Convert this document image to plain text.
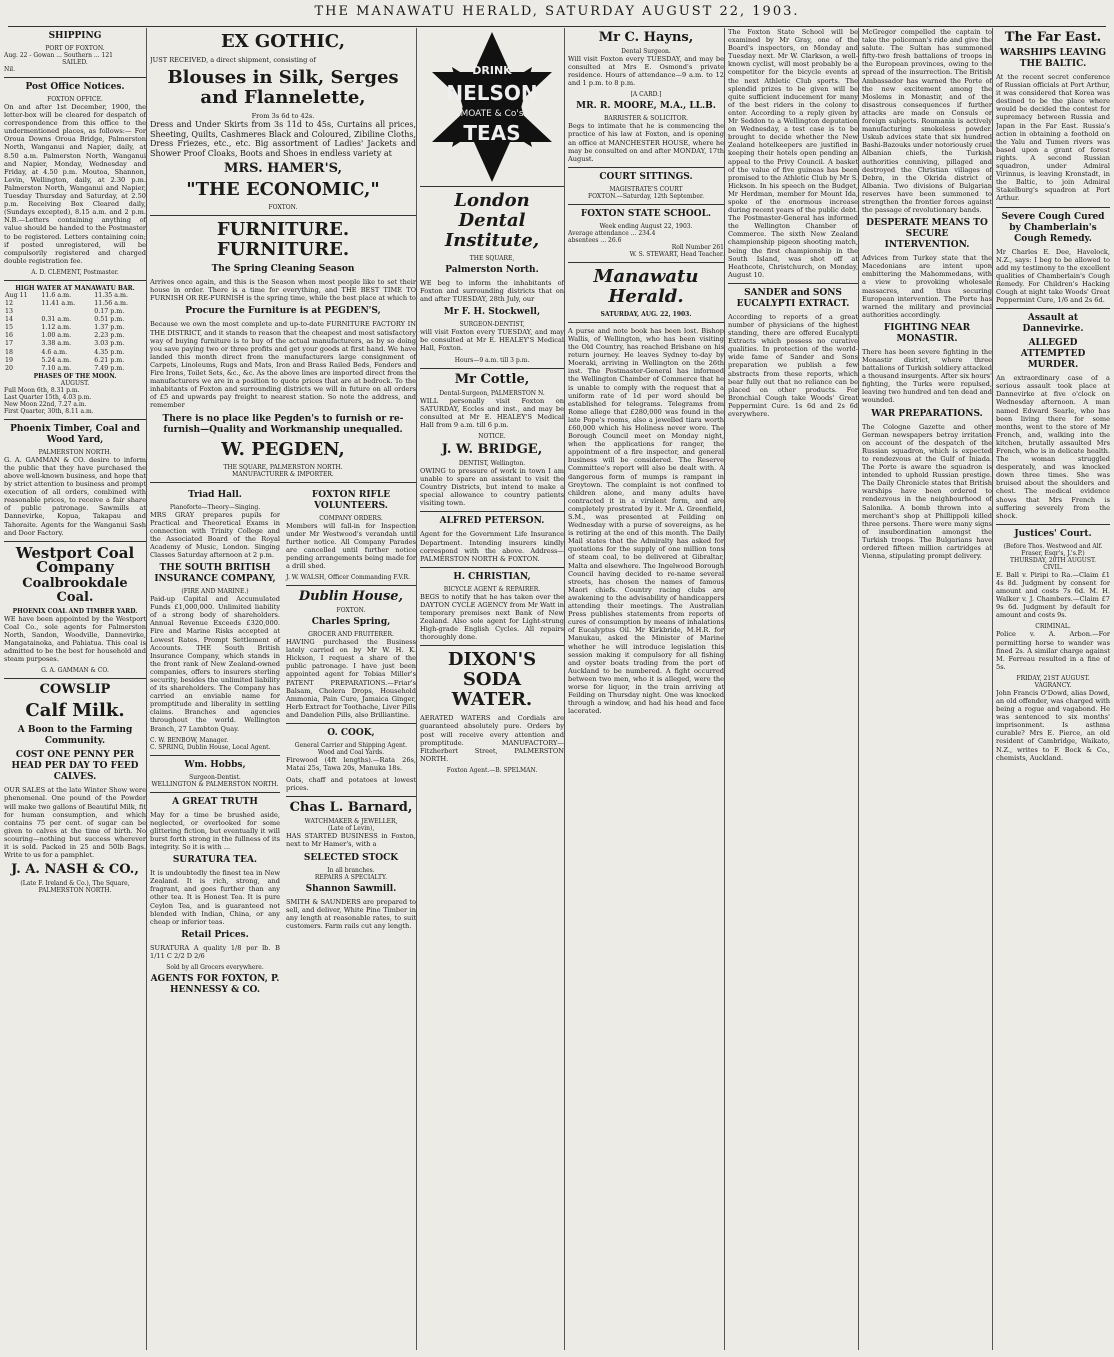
THE MANAWATU HERALD, SATURDAY AUGUST 22, 1903.
SHIPPING
PORT OF FOXTON.
Aug. 22 - Gowan ... Southern ... 121
SAILED.
Nil.
Post Office Notices.
FOXTON OFFICE.

On and after 1st December, 1900, the letter-box will be cleared for despatch of correspondence from this office to the undermentioned places, as follows:— For Oroua Downs Oroua Bridge, Palmerston North, Wanganui and Napier, daily, at 8.50 a.m. Palmerston North, Wanganui and Napier, Monday, Wednesday and Friday, at 4.50 p.m. Moutoa, Shannon, Levin, Wellington, daily, at 2.30 p.m. Palmerston North, Wanganui and Napier, Tuesday Thursday and Saturday, at 2.50 p.m. Receiving Box Cleared daily, (Sundays excepted), 8.15 a.m. and 2 p.m. N.B.—Letters containing anything of value should be handed to the Postmaster to be registered. Letters containing coin; if posted unregistered, will be compulsorily registered and charged double registration fee.

A. D. CLEMENT, Postmaster.
HIGH WATER AT MANAWATU BAR.
Aug 11	11.6 a.m.	11.35 a.m.
12	11.41 a.m.	11.56 a.m.
13		0.17 p.m.
14	0.31 a.m.	0.51 p.m.
15	1.12 a.m.	1.37 p.m.
16	1.00 a.m.	2.23 p.m.
17	3.38 a.m.	3.03 p.m.
18	4.6 a.m.	4.35 p.m.
19	5.24 a.m.	6.21 p.m.
20	7.10 a.m.	7.49 p.m.
PHASES OF THE MOON.
AUGUST.
Full Moon 6th, 8.31 p.m.
Last Quarter 15th, 4.03 p.m.
New Moon 22nd, 7.27 a.m.
First Quarter, 30th, 8.11 a.m.
Phoenix Timber, Coal and Wood Yard,
PALMERSTON NORTH.

G. A. GAMMAN & CO. desire to inform the public that they have purchased the above well-known business, and hope that by strict attention to business and prompt execution of all orders, combined with reasonable prices, to receive a fair share of public patronage. Sawmills at Dannevirke, Kopua, Takapau and Tahoraite. Agents for the Wanganui Sash and Door Factory.

Westport Coal Company
Coalbrookdale Coal.
PHOENIX COAL AND TIMBER YARD.

WE have been appointed by the Westport Coal Co., sole agents for Palmerston North, Sandon, Woodville, Dannevirke, Mangatainoka, and Pahiatua. This coal is admitted to be the best for household and steam purposes.

G. A. GAMMAN & CO.
COWSLIP
Calf Milk.
A Boon to the Farming Community.
COST ONE PENNY PER HEAD PER DAY TO FEED CALVES.

OUR SALES at the late Winter Show were phenomenal. One pound of the Powder will make two gallons of Beautiful Milk, fit for human consumption, and which contains 75 per cent. of sugar can be given to calves at the time of birth. No scouring—nothing but success wherever it is sold. Packed in 25 and 50lb Bags. Write to us for a pamphlet.

J. A. NASH & CO.,
(Late F. Ireland & Co.), The Square, PALMERSTON NORTH.
EX GOTHIC,

JUST RECEIVED, a direct shipment, consisting of

Blouses in Silk, Serges and Flannelette,
From 3s 6d to 42s.

Dress and Under Skirts from 3s 11d to 45s, Curtains all prices, Sheeting, Quilts, Cashmeres Black and Coloured, Zibiline Cloths, Dress Friezes, etc., etc. Big assortment of Ladies' Jackets and Shower Proof Cloaks, Boots and Shoes in endless variety at

MRS. HAMER'S,
"THE ECONOMIC,"
FOXTON.
FURNITURE. FURNITURE.
The Spring Cleaning Season

Arrives once again, and this is the Season when most people like to set their house in order. There is a time for everything, and THE BEST TIME TO FURNISH OR RE-FURNISH is the spring time, while the best place at which to

Procure the Furniture is at PEGDEN'S,

Because we own the most complete and up-to-date FURNITURE FACTORY IN THE DISTRICT, and it stands to reason that the cheapest and most satisfactory way of buying furniture is to buy of the actual manufacturers, as by so doing you save paying two or three profits and get your goods at first hand. We have landed this month direct from the manufacturers large consignment of Carpets, Linoleums, Rugs and Mats, Iron and Brass Railed Beds, Fenders and Fire Irons, Toilet Sets, &c., &c. As the above lines are imported direct from the manufacturers we are in a position to quote prices that are at bedrock. To the inhabitants of Foxton and surrounding districts we will in future on all orders of £5 and upwards pay freight to nearest station. So note the address, and remember

There is no place like Pegden's to furnish or re-furnish—Quality and Workmanship unequalled.
W. PEGDEN,
THE SQUARE, PALMERSTON NORTH.
MANUFACTURER & IMPORTER.
Triad Hall.
Pianoforte—Theory—Singing.

MRS GRAY prepares pupils for Practical and Theoretical Exams in connection with Trinity College and the Associated Board of the Royal Academy of Music, London. Singing Classes Saturday afternoon at 2 p.m.

THE SOUTH BRITISH INSURANCE COMPANY,
(FIRE AND MARINE.)

Paid-up Capital and Accumulated Funds £1,000,000. Unlimited liability of a strong body of shareholders. Annual Revenue Exceeds £320,000. Fire and Marine Risks accepted at Lowest Rates. Prompt Settlement of Accounts. THE South British Insurance Company, which stands in the front rank of New Zealand-owned companies, offers to insurers sterling security, besides the unlimited liability of its shareholders. The Company has carried an enviable name for promptitude and liberality in settling claims. Branches and agencies throughout the world. Wellington Branch, 27 Lambton Quay.

C. W. BENBOW, Manager.
C. SPRING, Dublin House, Local Agent.
Wm. Hobbs,
Surgeon-Dentist.
WELLINGTON & PALMERSTON NORTH.
A GREAT TRUTH

May for a time be brushed aside, neglected, or overlooked for some glittering fiction, but eventually it will burst forth strong in the fullness of its integrity. So it is with ...

SURATURA TEA.

It is undoubtedly the finest tea in New Zealand. It is rich, strong, and fragrant, and goes further than any other tea. It is Honest Tea. It is pure Ceylon Tea, and is guaranteed not blended with Indian, China, or any cheap or inferior teas.

Retail Prices.

SURATURA A quality 1/8 per lb. B 1/11 C 2/2 D 2/6

Sold by all Grocers everywhere.
AGENTS FOR FOXTON, P. HENNESSY & CO.
FOXTON RIFLE VOLUNTEERS.
COMPANY ORDERS.

Members will fall-in for Inspection under Mr Westwood's verandah until further notice. All Company Parades are cancelled until further notice pending arrangements being made for a drill shed.

J. W. WALSH, Officer Commanding F.V.R.
Dublin House,
FOXTON.
Charles Spring,
GROCER AND FRUITERER.

HAVING purchased the Business lately carried on by Mr W. H. K. Hickson, I request a share of the public patronage. I have just been appointed agent for Tobias Miller's PATENT PREPARATIONS.—Friar's Balsam, Cholera Drops, Household Ammonia, Pain Cure, Jamaica Ginger, Herb Extract for Toothache, Liver Pills and Dandelion Pills, also Brilliantine.

O. COOK,
General Carrier and Shipping Agent.
Wood and Coal Yards.

Firewood (4ft lengths).—Rata 26s, Matai 25s, Tawa 20s, Manuka 18s.

Oats, chaff and potatoes at lowest prices.

Chas L. Barnard,
WATCHMAKER & JEWELLER,
(Late of Levin),

HAS STARTED BUSINESS in Foxton, next to Mr Hamer's, with a

SELECTED STOCK
In all branches.
REPAIRS A SPECIALTY.
Shannon Sawmill.

SMITH & SAUNDERS are prepared to sell, and deliver, White Pine Timber in any length at reasonable rates, to suit customers. Farm rails cut any length.

DRINK
NELSON
MOATE & Co's
TEAS
London Dental Institute,
THE SQUARE,
Palmerston North.

WE beg to inform the inhabitants of Foxton and surrounding districts that on and after TUESDAY, 28th July, our

Mr F. H. Stockwell,
SURGEON-DENTIST,

will visit Foxton every TUESDAY, and may be consulted at Mr E. HEALEY'S Medical Hall, Foxton.

Hours—9 a.m. till 3 p.m.
Mr Cottle,
Dental-Surgeon, PALMERSTON N.

WILL personally visit Foxton on SATURDAY, Eccles and inst., and may be consulted at Mr E. HEALEY'S Medical Hall from 9 a.m. till 6 p.m.

NOTICE.
J. W. BRIDGE,
DENTIST, Wellington.

OWING to pressure of work in town I am unable to spare an assistant to visit the Country Districts, but intend to make a special allowance to country patients visiting town.

ALFRED PETERSON.

Agent for the Government Life Insurance Department. Intending insurers kindly correspond with the above. Address— PALMERSTON NORTH & FOXTON.

H. CHRISTIAN,
BICYCLE AGENT & REPAIRER.

BEGS to notify that he has taken over the DAYTON CYCLE AGENCY from Mr Watt in temporary premises next Bank of New Zealand. Also sole agent for Light-strung High-grade English Cycles. All repairs thoroughly done.

DIXON'S SODA WATER.

AERATED WATERS and Cordials are guaranteed absolutely pure. Orders by post will receive every attention and promptitude. MANUFACTORY—Fitzherbert Street, PALMERSTON NORTH.

Foxton Agent.—B. SPELMAN.
Mr C. Hayns,
Dental Surgeon.

Will visit Foxton every TUESDAY, and may be consulted at Mrs E. Osmond's private residence. Hours of attendance—9 a.m. to 12 and 1 p.m. to 8 p.m.

[A CARD.]
MR. R. MOORE, M.A., LL.B.
BARRISTER & SOLICITOR.

Begs to intimate that he is commencing the practice of his law at Foxton, and is opening an office at MANCHESTER HOUSE, where he may be consulted on and after MONDAY, 17th August.

COURT SITTINGS.
MAGISTRATE'S COURT
FOXTON.—Saturday, 12th September.
FOXTON STATE SCHOOL.
Week ending August 22, 1903.
Average attendance ... 234.4
absentees ... 26.6
Roll Number 261
W. S. STEWART, Head Teacher.
Manawatu Herald.
SATURDAY, AUG. 22, 1903.

A purse and note book has been lost. Bishop Wallis, of Wellington, who has been visiting the Old Country, has reached Brisbane on his return journey. He leaves Sydney to-day by Moeraki, arriving in Wellington on the 26th inst. The Postmaster-General has informed the Wellington Chamber of Commerce that he is unable to comply with the request that a uniform rate of 1d per word should be established for telegrams. Telegrams from Rome allege that £280,000 was found in the late Pope's rooms, also a jewelled tiara worth £60,000 which his Holiness never wore. The Borough Council meet on Monday night, when the applications for ranger, the appointment of a fire inspector, and general business will be considered. The Reserve Committee's report will also be dealt with. A dangerous form of mumps is rampant in Greytown. The complaint is not confined to children alone, and many adults have contracted it in a virulent form, and are completely prostrated by it. Mr A. Greenfield, S.M., was presented at Feilding on Wednesday with a purse of sovereigns, as he is retiring at the end of this month. The Daily Mail states that the Admiralty has asked for quotations for the supply of one million tons of steam coal, to be delivered at Gibraltar, Malta and elsewhere. The Ingelwood Borough Council having decided to re-name several streets, has chosen the names of famous Maori chiefs. Country racing clubs are awakening to the advisability of handicappers attending their meetings. The Australian Press publishes statements from reports of cures of consumption by means of inhalations of Eucalyptus Oil. Mr Kirkbride, M.H.R. for Manukau, asked the Minister of Marine whether he will introduce legislation this session making it compulsory for all fishing and oyster boats trading from the port of Auckland to be numbered. A fight occurred between two men, who it is alleged, were the worse for liquor, in the train arriving at Feilding on Thursday night. One was knocked through a window, and had his head and face lacerated.

The Foxton State School will be examined by Mr Gray, one of the Board's inspectors, on Monday and Tuesday next. Mr W. Clarkson, a well-known cyclist, will most probably be a competitor for the bicycle events at the next Athletic Club sports. The splendid prizes to be given will be quite sufficient inducement for many of the best riders in the colony to enter. According to a reply given by Mr Seddon to a Wellington deputation on Wednesday, a test case is to be brought to decide whether the New Zealand hotelkeepers are justified in keeping their hotels open pending an appeal to the Privy Council. A basket of the value of five guineas has been promised to the Athletic Club by Mr S. Hickson. In his speech on the Budget, Mr Herdman, member for Mount Ida, spoke of the enormous increase during recent years of the public debt. The Postmaster-General has informed the Wellington Chamber of Commerce. The sixth New Zealand championship pigeon shooting match, being the first championship in the South Island, was shot off at Heathcote, Christchurch, on Monday, August 10.

SANDER and SONS EUCALYPTI EXTRACT.

According to reports of a great number of physicians of the highest standing, there are offered Eucalypti Extracts which possess no curative qualities. In protection of the world-wide fame of Sander and Sons preparation we publish a few abstracts from these reports, which bear fully out that no reliance can be placed on other products. For Bronchial Cough take Woods' Great Peppermint Cure. 1s 6d and 2s 6d everywhere.

McGregor compelled the captain to take the policeman's ride and give the salute. The Sultan has summoned fifty-two fresh battalions of troops in the European provinces, owing to the spread of the insurrection. The British Ambassador has warned the Porte of the new excitement among the Moslems in Monastir, and of the disastrous consequences if further attacks are made on Consuls or foreign subjects. Roumania is actively manufacturing smokeless powder. Uskub advices state that six hundred Bashi-Bazouks under notoriously cruel Albanian chiefs, the Turkish authorities conniving, pillaged and destroyed the Christian villages of Debra, in the Okrida district of Albania. Two divisions of Bulgarian reserves have been summoned to strengthen the frontier forces against the passage of revolutionary bands.

DESPERATE MEANS TO SECURE INTERVENTION.

Advices from Turkey state that the Macedonians are intent upon embittering the Mahommedans, with a view to provoking wholesale massacres, and thus securing European intervention. The Porte has warned the military and provincial authorities accordingly.

FIGHTING NEAR MONASTIR.

There has been severe fighting in the Monastir district, where three battalions of Turkish soldiery attacked a thousand insurgents. After six hours' fighting, the Turks were repulsed, leaving two hundred and ten dead and wounded.

WAR PREPARATIONS.

The Cologne Gazette and other German newspapers betray irritation on account of the despatch of the Russian squadron, which is expected to rendezvous at the Gulf of Iniada. The Porte is aware the squadron is intended to uphold Russian prestige. The Daily Chronicle states that British warships have been ordered to rendezvous in the neighbourhood of Salonika. A bomb thrown into a merchant's shop at Phillippoli killed three persons. There were many signs of insubordination amongst the Turkish troops. The Bulgarians have ordered fifteen million cartridges at Vienna, stipulating prompt delivery.

The Far East.
WARSHIPS LEAVING THE BALTIC.

At the recent secret conference of Russian officials at Port Arthur, it was considered that Korea was destined to be the place where would be decided the contest for supremacy between Russia and Japan in the Far East. Russia's action in obtaining a foothold on the Yalu and Tumen rivers was based upon a grant of forest rights. A second Russian squadron, under Admiral Virinnus, is leaving Kronstadt, in the Baltic, to join Admiral Stakelburg's squadron at Port Arthur.

Severe Cough Cured by Chamberlain's Cough Remedy.

Mr Charles E. Dee, Havelock, N.Z., says: I beg to be allowed to add my testimony to the excellent qualities of Chamberlain's Cough Remedy. For Children's Hacking Cough at night take Woods' Great Peppermint Cure, 1/6 and 2s 6d.

Assault at Dannevirke.
ALLEGED ATTEMPTED MURDER.

An extraordinary case of a serious assault took place at Dannevirke at five o'clock on Wednesday afternoon. A man named Edward Searle, who has been living there for some months, went to the store of Mr French, and, walking into the kitchen, brutally assaulted Mrs French, who is in delicate health. The woman struggled desperately, and was knocked down three times. She was bruised about the shoulders and chest. The medical evidence shows that Mrs French is suffering severely from the shock.

Justices' Court.
(Before Thos. Westwood and Alf. Fraser, Esqr's, J.'s.P.)
THURSDAY, 20TH AUGUST.
CIVIL.

E. Ball v. Piripi to Ra.—Claim £1 4s 8d. Judgment by consent for amount and costs 7s 6d. M. H. Walker v. J. Chambers.—Claim £7 9s 6d. Judgment by default for amount and costs 9s.

CRIMINAL.

Police v. A. Arbon.—For permitting horse to wander was fined 2s. A similar charge against M. Ferreau resulted in a fine of 5s.

FRIDAY, 21ST AUGUST.
VAGRANCY.

John Francis O'Dowd, alias Dowd, an old offender, was charged with being a rogue and vagabond. He was sentenced to six months' imprisonment. Is asthma curable? Mrs E. Pierce, an old resident of Cambridge, Waikato, N.Z., writes to F. Bock & Co., chemists, Auckland.
